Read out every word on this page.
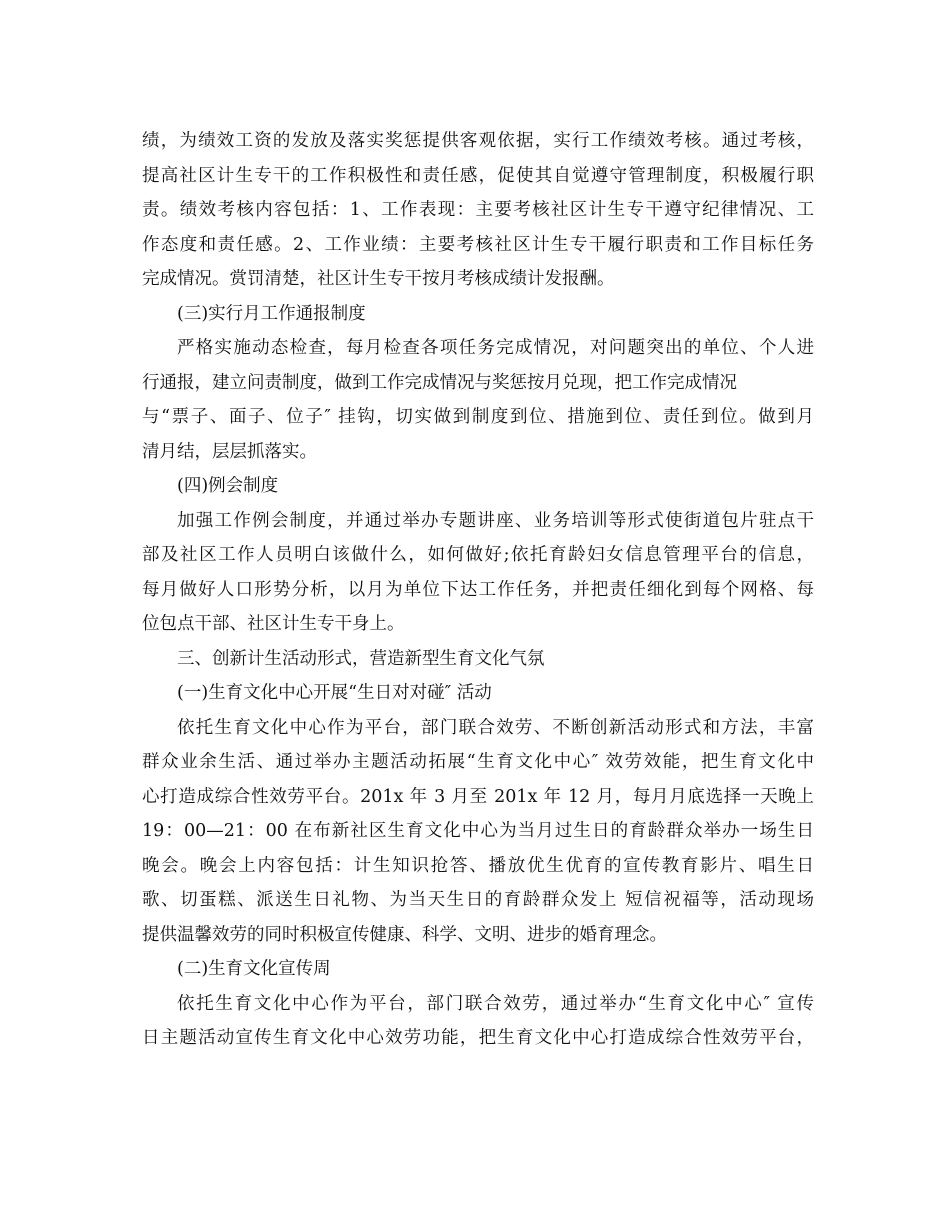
绩，为绩效工资的发放及落实奖惩提供客观依据，实行工作绩效考核。通过考核，
提高社区计生专干的工作积极性和责任感，促使其自觉遵守管理制度，积极履行职
责。绩效考核内容包括：1、工作表现：主要考核社区计生专干遵守纪律情况、工
作态度和责任感。2、工作业绩：主要考核社区计生专干履行职责和工作目标任务
完成情况。赏罚清楚，社区计生专干按月考核成绩计发报酬。
(三)实行月工作通报制度
严格实施动态检查，每月检查各项任务完成情况，对问题突出的单位、个人进
行通报，建立问责制度，做到工作完成情况与奖惩按月兑现，把工作完成情况
与“票子、面子、位子″ 挂钩，切实做到制度到位、措施到位、责任到位。做到月
清月结，层层抓落实。
(四)例会制度
加强工作例会制度，并通过举办专题讲座、业务培训等形式使街道包片驻点干
部及社区工作人员明白该做什么，如何做好;依托育龄妇女信息管理平台的信息，
每月做好人口形势分析，以月为单位下达工作任务，并把责任细化到每个网格、每
位包点干部、社区计生专干身上。
三、创新计生活动形式，营造新型生育文化气氛
(一)生育文化中心开展“生日对对碰″ 活动
依托生育文化中心作为平台，部门联合效劳、不断创新活动形式和方法，丰富
群众业余生活、通过举办主题活动拓展“生育文化中心″ 效劳效能，把生育文化中
心打造成综合性效劳平台。201x 年 3 月至 201x 年 12 月，每月月底选择一天晚上
19：00—21：00 在布新社区生育文化中心为当月过生日的育龄群众举办一场生日
晚会。晚会上内容包括：计生知识抢答、播放优生优育的宣传教育影片、唱生日
歌、切蛋糕、派送生日礼物、为当天生日的育龄群众发上 短信祝福等，活动现场
提供温馨效劳的同时积极宣传健康、科学、文明、进步的婚育理念。
(二)生育文化宣传周
依托生育文化中心作为平台，部门联合效劳，通过举办“生育文化中心″ 宣传
日主题活动宣传生育文化中心效劳功能，把生育文化中心打造成综合性效劳平台，
